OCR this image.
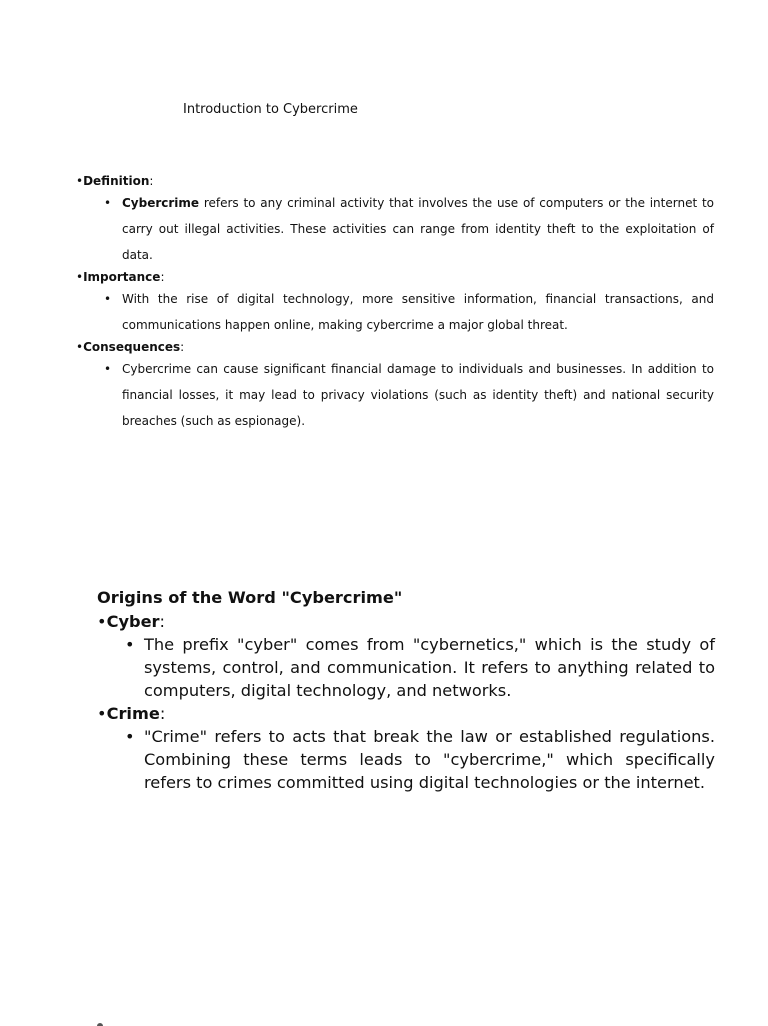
Introduction to Cybercrime

•Definition:

• Cybercrime refers to any criminal activity that involves the use of computers or the internet to carry out illegal activities. These activities can range from identity theft to the exploitation of data.

•Importance:

• With the rise of digital technology, more sensitive information, financial transactions, and communications happen online, making cybercrime a major global threat.

•Consequences:

• Cybercrime can cause significant financial damage to individuals and businesses. In addition to financial losses, it may lead to privacy violations (such as identity theft) and national security breaches (such as espionage).

Origins of the Word "Cybercrime"

•Cyber:

• The prefix "cyber" comes from "cybernetics," which is the study of systems, control, and communication. It refers to anything related to computers, digital technology, and networks.

•Crime:

• "Crime" refers to acts that break the law or established regulations. Combining these terms leads to "cybercrime," which specifically refers to crimes committed using digital technologies or the internet.
